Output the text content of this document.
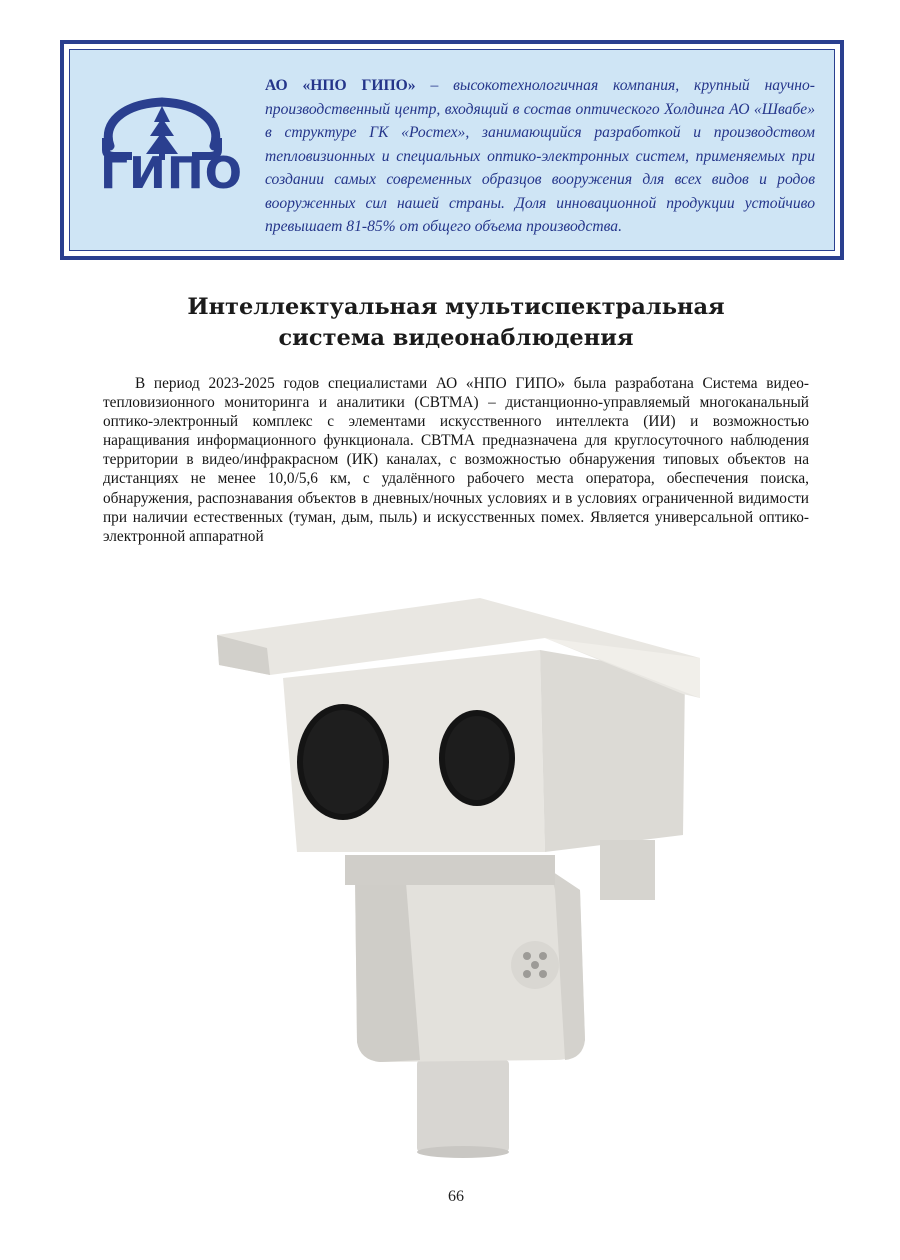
ГИПО
АО «НПО ГИПО» – высокотехнологичная компания, крупный научно-производственный центр, входящий в состав оптического Холдинга АО «Швабе» в структуре ГК «Ростех», занимающийся разработкой и производством тепловизионных и специальных оптико-электронных систем, применяемых при создании самых современных образцов вооружения для всех видов и родов вооруженных сил нашей страны. Доля инновационной продукции устойчиво превышает 81-85% от общего объема производства.
Интеллектуальная мультиспектральная
система видеонаблюдения
В период 2023-2025 годов специалистами АО «НПО ГИПО» была разработана Система видео-тепловизионного мониторинга и аналитики (СВТМА) – дистанционно-управляемый многоканальный оптико-электронный комплекс с элементами искусственного интеллекта (ИИ) и возможностью наращивания информационного функционала. СВТМА предназначена для круглосуточного наблюдения территории в видео/инфракрасном (ИК) каналах, с возможностью обнаружения типовых объектов на дистанциях не менее 10,0/5,6 км, с удалённого рабочего места оператора, обеспечения поиска, обнаружения, распознавания объектов в дневных/ночных условиях и в условиях ограниченной видимости при наличии естественных (туман, дым, пыль) и искусственных помех. Является универсальной оптико-электронной аппаратной
66
